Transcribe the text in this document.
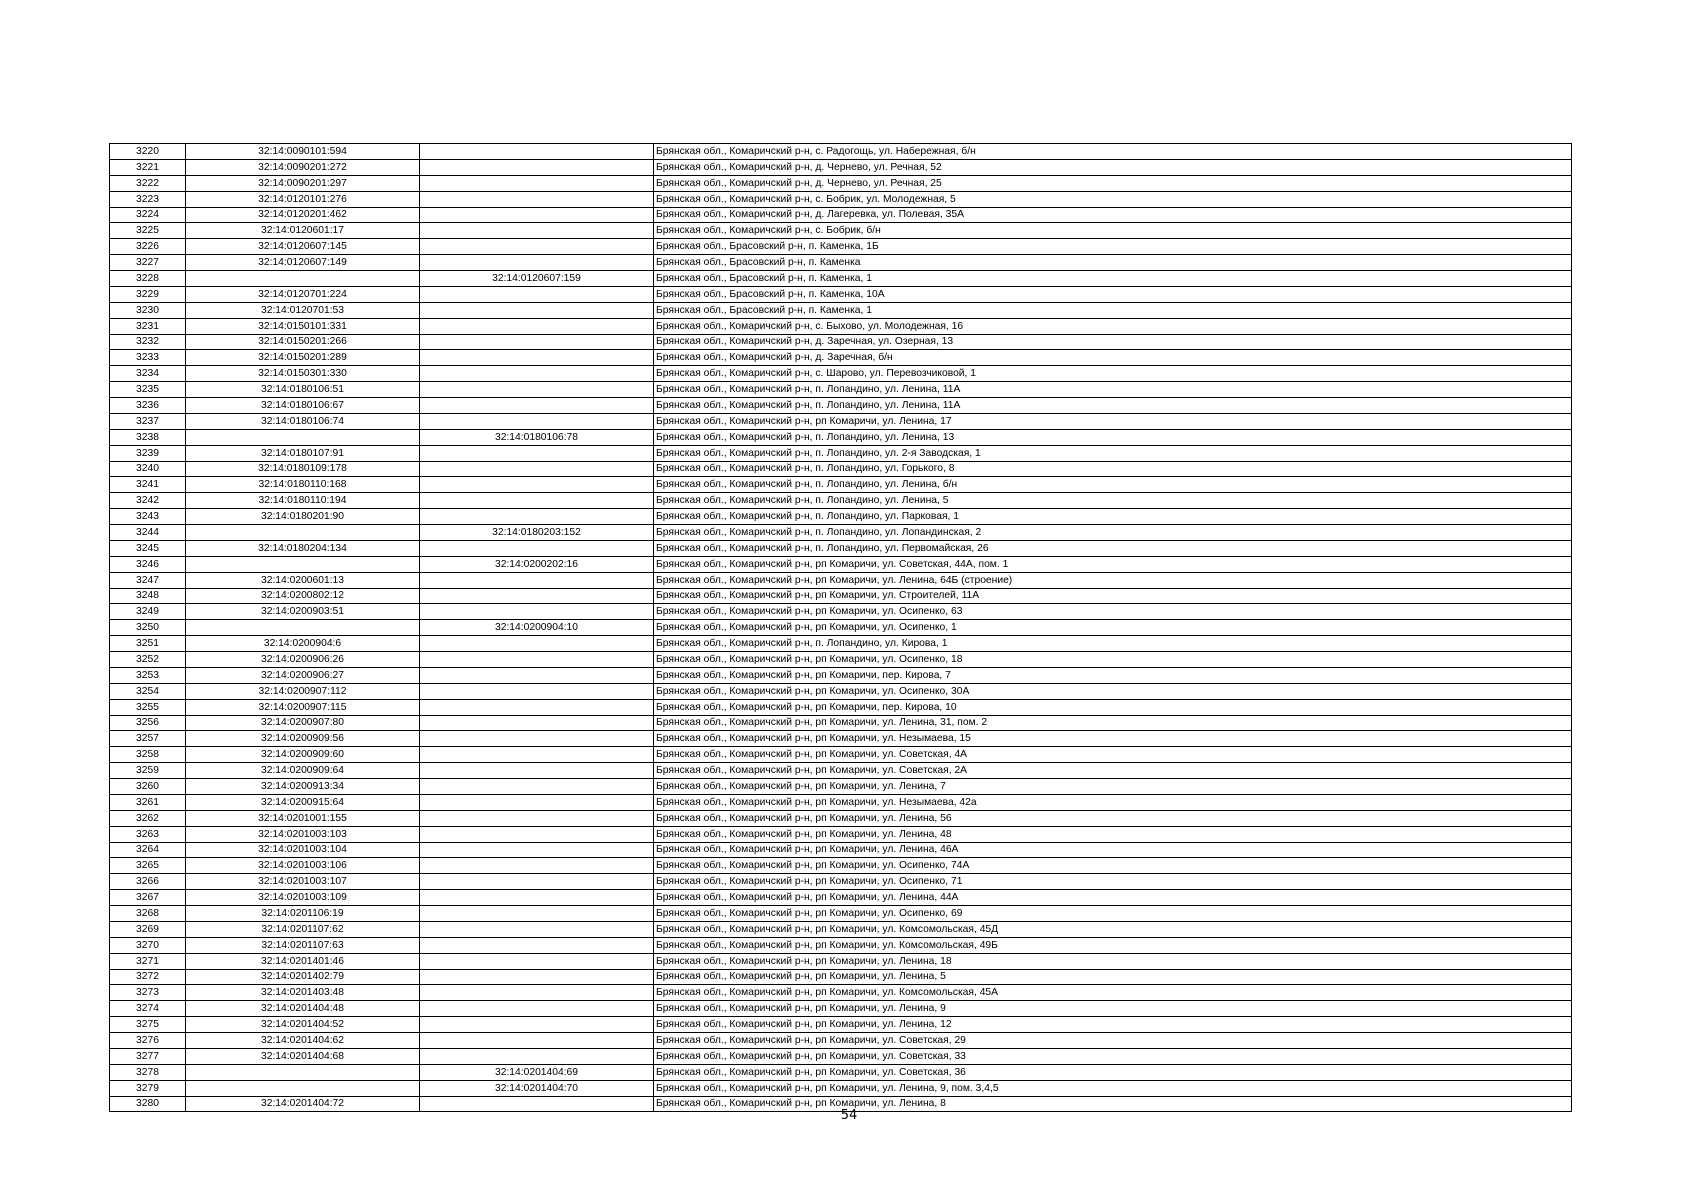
3220	32:14:0090101:594		Брянская обл., Комаричский р-н, с. Радогощь, ул. Набережная, б/н
3221	32:14:0090201:272		Брянская обл., Комаричский р-н, д. Черневo, ул. Речная, 52
3222	32:14:0090201:297		Брянская обл., Комаричский р-н, д. Черневo, ул. Речная, 25
3223	32:14:0120101:276		Брянская обл., Комаричский р-н, с. Бобрик, ул. Молодежная, 5
3224	32:14:0120201:462		Брянская обл., Комаричский р-н, д. Лагеревка, ул. Полевая, 35А
3225	32:14:0120601:17		Брянская обл., Комаричский р-н, с. Бобрик, б/н
3226	32:14:0120607:145		Брянская обл., Брасовский р-н, п. Каменка, 1Б
3227	32:14:0120607:149		Брянская обл., Брасовский р-н, п. Каменка
3228		32:14:0120607:159	Брянская обл., Брасовский р-н, п. Каменка, 1
3229	32:14:0120701:224		Брянская обл., Брасовский р-н, п. Каменка, 10А
3230	32:14:0120701:53		Брянская обл., Брасовский р-н, п. Каменка, 1
3231	32:14:0150101:331		Брянская обл., Комаричский р-н, с. Быхово, ул. Молодежная, 16
3232	32:14:0150201:266		Брянская обл., Комаричский р-н, д. Заречная, ул. Озерная, 13
3233	32:14:0150201:289		Брянская обл., Комаричский р-н, д. Заречная, б/н
3234	32:14:0150301:330		Брянская обл., Комаричский р-н, с. Шарово, ул. Перевозчиковой, 1
3235	32:14:0180106:51		Брянская обл., Комаричский р-н, п. Лопандино, ул. Ленина, 11А
3236	32:14:0180106:67		Брянская обл., Комаричский р-н, п. Лопандино, ул. Ленина, 11А
3237	32:14:0180106:74		Брянская обл., Комаричский р-н, рп Комаричи, ул. Ленина, 17
3238		32:14:0180106:78	Брянская обл., Комаричский р-н, п. Лопандино, ул. Ленина, 13
3239	32:14:0180107:91		Брянская обл., Комаричский р-н, п. Лопандино, ул. 2-я Заводская, 1
3240	32:14:0180109:178		Брянская обл., Комаричский р-н, п. Лопандино, ул. Горького, 8
3241	32:14:0180110:168		Брянская обл., Комаричский р-н, п. Лопандино, ул. Ленина, б/н
3242	32:14:0180110:194		Брянская обл., Комаричский р-н, п. Лопандино, ул. Ленина, 5
3243	32:14:0180201:90		Брянская обл., Комаричский р-н, п. Лопандино, ул. Парковая, 1
3244		32:14:0180203:152	Брянская обл., Комаричский р-н, п. Лопандино, ул. Лопандинская, 2
3245	32:14:0180204:134		Брянская обл., Комаричский р-н, п. Лопандино, ул. Первомайская, 26
3246		32:14:0200202:16	Брянская обл., Комаричский р-н, рп Комаричи, ул. Советская, 44А, пом. 1
3247	32:14:0200601:13		Брянская обл., Комаричский р-н, рп Комаричи, ул. Ленина, 64Б (строение)
3248	32:14:0200802:12		Брянская обл., Комаричский р-н, рп Комаричи, ул. Строителей, 11А
3249	32:14:0200903:51		Брянская обл., Комаричский р-н, рп Комаричи, ул. Осипенко, 63
3250		32:14:0200904:10	Брянская обл., Комаричский р-н, рп Комаричи, ул. Осипенко, 1
3251	32:14:0200904:6		Брянская обл., Комаричский р-н, п. Лопандино, ул. Кирова, 1
3252	32:14:0200906:26		Брянская обл., Комаричский р-н, рп Комаричи, ул. Осипенко, 18
3253	32:14:0200906:27		Брянская обл., Комаричский р-н, рп Комаричи, пер. Кирова, 7
3254	32:14:0200907:112		Брянская обл., Комаричский р-н, рп Комаричи, ул. Осипенко, 30А
3255	32:14:0200907:115		Брянская обл., Комаричский р-н, рп Комаричи, пер. Кирова, 10
3256	32:14:0200907:80		Брянская обл., Комаричский р-н, рп Комаричи, ул. Ленина, 31, пом. 2
3257	32:14:0200909:56		Брянская обл., Комаричский р-н, рп Комаричи, ул. Незымаева, 15
3258	32:14:0200909:60		Брянская обл., Комаричский р-н, рп Комаричи, ул. Советская, 4А
3259	32:14:0200909:64		Брянская обл., Комаричский р-н, рп Комаричи, ул. Советская, 2А
3260	32:14:0200913:34		Брянская обл., Комаричский р-н, рп Комаричи, ул. Ленина, 7
3261	32:14:0200915:64		Брянская обл., Комаричский р-н, рп Комаричи, ул. Незымаева, 42а
3262	32:14:0201001:155		Брянская обл., Комаричский р-н, рп Комаричи, ул. Ленина, 56
3263	32:14:0201003:103		Брянская обл., Комаричский р-н, рп Комаричи, ул. Ленина, 48
3264	32:14:0201003:104		Брянская обл., Комаричский р-н, рп Комаричи, ул. Ленина, 46А
3265	32:14:0201003:106		Брянская обл., Комаричский р-н, рп Комаричи, ул. Осипенко, 74А
3266	32:14:0201003:107		Брянская обл., Комаричский р-н, рп Комаричи, ул. Осипенко, 71
3267	32:14:0201003:109		Брянская обл., Комаричский р-н, рп Комаричи, ул. Ленина, 44А
3268	32:14:0201106:19		Брянская обл., Комаричский р-н, рп Комаричи, ул. Осипенко, 69
3269	32:14:0201107:62		Брянская обл., Комаричский р-н, рп Комаричи, ул. Комсомольская, 45Д
3270	32:14:0201107:63		Брянская обл., Комаричский р-н, рп Комаричи, ул. Комсомольская, 49Б
3271	32:14:0201401:46		Брянская обл., Комаричский р-н, рп Комаричи, ул. Ленина, 18
3272	32:14:0201402:79		Брянская обл., Комаричский р-н, рп Комаричи, ул. Ленина, 5
3273	32:14:0201403:48		Брянская обл., Комаричский р-н, рп Комаричи, ул. Комсомольская, 45А
3274	32:14:0201404:48		Брянская обл., Комаричский р-н, рп Комаричи, ул. Ленина, 9
3275	32:14:0201404:52		Брянская обл., Комаричский р-н, рп Комаричи, ул. Ленина, 12
3276	32:14:0201404:62		Брянская обл., Комаричский р-н, рп Комаричи, ул. Советская, 29
3277	32:14:0201404:68		Брянская обл., Комаричский р-н, рп Комаричи, ул. Советская, 33
3278		32:14:0201404:69	Брянская обл., Комаричский р-н, рп Комаричи, ул. Советская, 36
3279		32:14:0201404:70	Брянская обл., Комаричский р-н, рп Комаричи, ул. Ленина, 9, пом. 3,4,5
3280	32:14:0201404:72		Брянская обл., Комаричский р-н, рп Комаричи, ул. Ленина, 8
54
